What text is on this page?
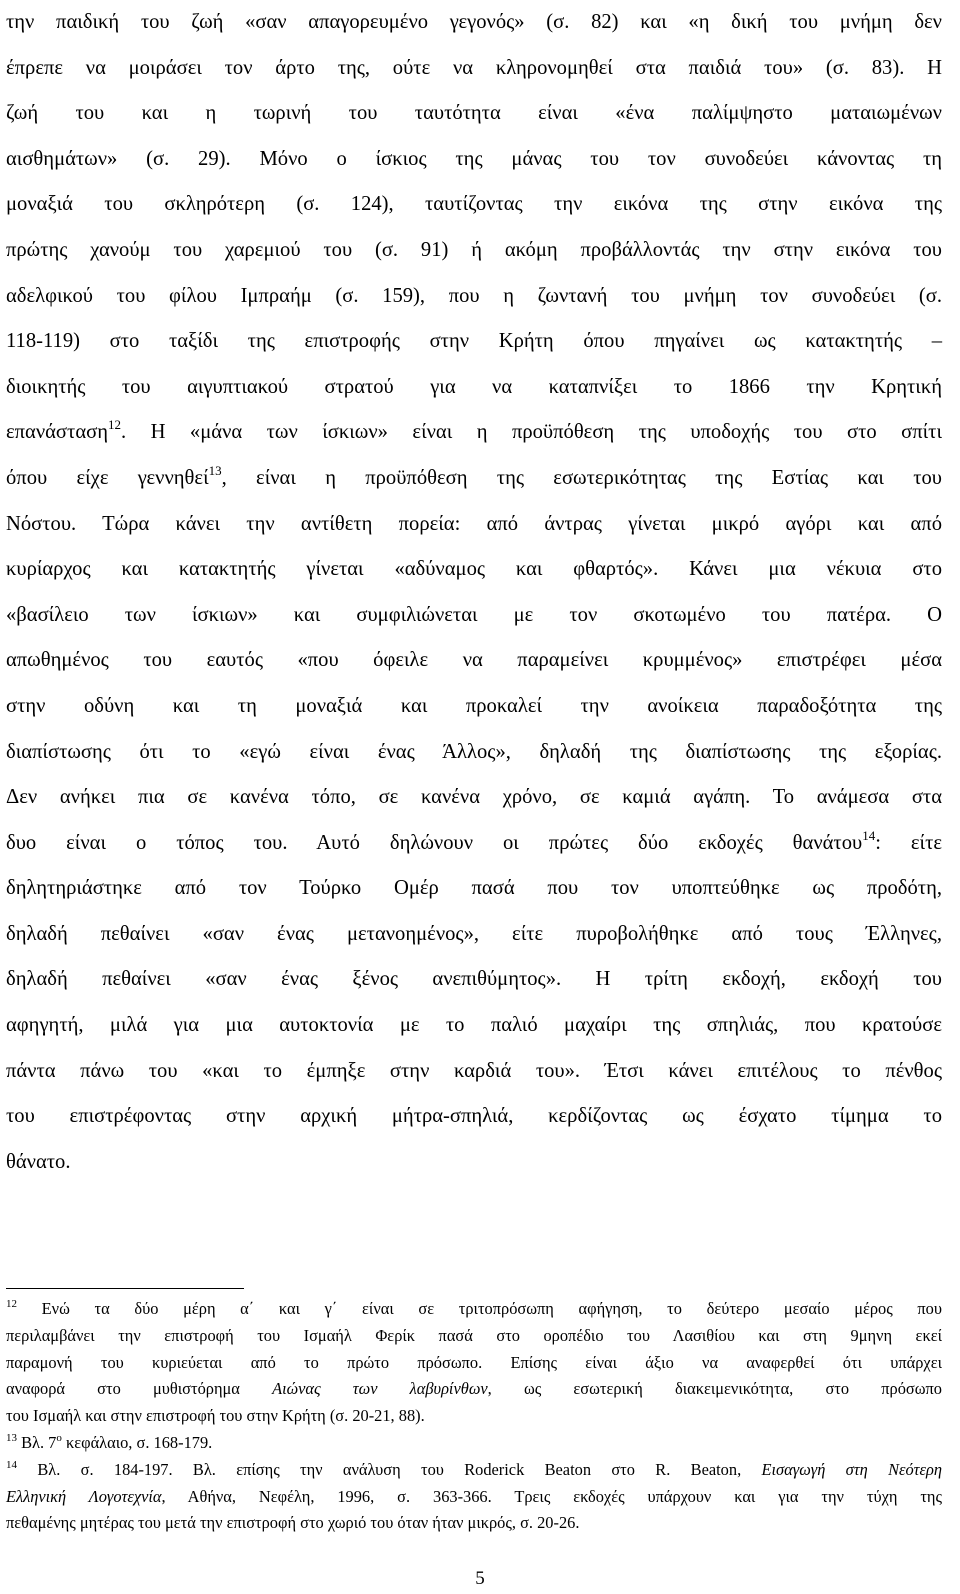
την παιδική του ζωή «σαν απαγορευμένο γεγονός» (σ. 82) και «η δική του μνήμη δεν

έπρεπε να μοιράσει τον άρτο της, ούτε να κληρονομηθεί στα παιδιά του» (σ. 83). Η

ζωή του και η τωρινή του ταυτότητα είναι «ένα παλίμψηστο ματαιωμένων

αισθημάτων» (σ. 29). Μόνο ο ίσκιος της μάνας του τον συνοδεύει κάνοντας τη

μοναξιά του σκληρότερη (σ. 124), ταυτίζοντας την εικόνα της στην εικόνα της

πρώτης χανούμ του χαρεμιού του (σ. 91) ή ακόμη προβάλλοντάς την στην εικόνα του

αδελφικού του φίλου Ιμπραήμ (σ. 159), που η ζωντανή του μνήμη τον συνοδεύει (σ.

118-119) στο ταξίδι της επιστροφής στην Κρήτη όπου πηγαίνει ως κατακτητής –

διοικητής του αιγυπτιακού στρατού για να καταπνίξει το 1866 την Κρητική

επανάσταση$^{12}$. Η «μάνα των ίσκιων» είναι η προϋπόθεση της υποδοχής του στο σπίτι

όπου είχε γεννηθεί$^{13}$, είναι η προϋπόθεση της εσωτερικότητας της Εστίας και του

Νόστου. Τώρα κάνει την αντίθετη πορεία: από άντρας γίνεται μικρό αγόρι και από

κυρίαρχος και κατακτητής γίνεται «αδύναμος και φθαρτός». Κάνει μια νέκυια στο

«βασίλειο των ίσκιων» και συμφιλιώνεται με τον σκοτωμένο του πατέρα. Ο

απωθημένος του εαυτός «που όφειλε να παραμείνει κρυμμένος» επιστρέφει μέσα

στην οδύνη και τη μοναξιά και προκαλεί την ανοίκεια παραδοξότητα της

διαπίστωσης ότι το «εγώ είναι ένας Άλλος», δηλαδή της διαπίστωσης της εξορίας.

Δεν ανήκει πια σε κανένα τόπο, σε κανένα χρόνο, σε καμιά αγάπη. Το ανάμεσα στα

δυο είναι ο τόπος του. Αυτό δηλώνουν οι πρώτες δύο εκδοχές θανάτου$^{14}$: είτε

δηλητηριάστηκε από τον Τούρκο Ομέρ πασά που τον υποπτεύθηκε ως προδότη,

δηλαδή πεθαίνει «σαν ένας μετανοημένος», είτε πυροβολήθηκε από τους Έλληνες,

δηλαδή πεθαίνει «σαν ένας ξένος ανεπιθύμητος». Η τρίτη εκδοχή, εκδοχή του

αφηγητή, μιλά για μια αυτοκτονία με το παλιό μαχαίρι της σπηλιάς, που κρατούσε

πάντα πάνω του «και το έμπηξε στην καρδιά του». Έτσι κάνει επιτέλους το πένθος

του επιστρέφοντας στην αρχική μήτρα-σπηλιά, κερδίζοντας ως έσχατο τίμημα το

θάνατο.

$^{12}$ Ενώ τα δύο μέρη α΄ και γ΄ είναι σε τριτοπρόσωπη αφήγηση, το δεύτερο μεσαίο μέρος που

περιλαμβάνει την επιστροφή του Ισμαήλ Φερίκ πασά στο οροπέδιο του Λασιθίου και στη 9μηνη εκεί

παραμονή του κυριεύεται από το πρώτο πρόσωπο. Επίσης είναι άξιο να αναφερθεί ότι υπάρχει

αναφορά στο μυθιστόρημα Αιώνας των λαβυρίνθων, ως εσωτερική διακειμενικότητα, στο πρόσωπο

του Ισμαήλ και στην επιστροφή του στην Κρήτη (σ. 20-21, 88).

$^{13}$ Βλ. $7^o$ κεφάλαιο, σ. 168-179.

$^{14}$ Βλ. σ. 184-197. Βλ. επίσης την ανάλυση του Roderick Beaton στο R. Beaton, Εισαγωγή στη Νεότερη

Ελληνική Λογοτεχνία, Αθήνα, Νεφέλη, 1996, σ. 363-366. Τρεις εκδοχές υπάρχουν και για την τύχη της

πεθαμένης μητέρας του μετά την επιστροφή στο χωριό του όταν ήταν μικρός, σ. 20-26.

5
